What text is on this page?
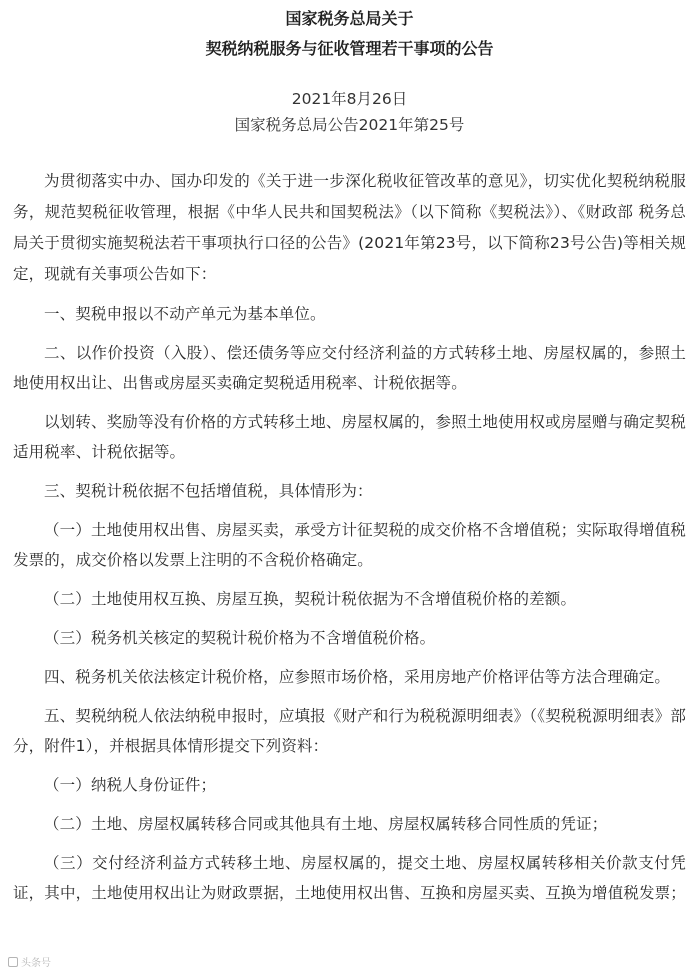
国家税务总局关于

契税纳税服务与征收管理若干事项的公告

2021年8月26日

国家税务总局公告2021年第25号

为贯彻落实中办、国办印发的《关于进一步深化税收征管改革的意见》，切实优化契税纳税服务，规范契税征收管理，根据《中华人民共和国契税法》（以下简称《契税法》）、《财政部 税务总局关于贯彻实施契税法若干事项执行口径的公告》(2021年第23号，以下简称23号公告)等相关规定，现就有关事项公告如下：

一、契税申报以不动产单元为基本单位。

二、以作价投资（入股）、偿还债务等应交付经济利益的方式转移土地、房屋权属的，参照土地使用权出让、出售或房屋买卖确定契税适用税率、计税依据等。

以划转、奖励等没有价格的方式转移土地、房屋权属的，参照土地使用权或房屋赠与确定契税适用税率、计税依据等。

三、契税计税依据不包括增值税，具体情形为：

（一）土地使用权出售、房屋买卖，承受方计征契税的成交价格不含增值税；实际取得增值税发票的，成交价格以发票上注明的不含税价格确定。

（二）土地使用权互换、房屋互换，契税计税依据为不含增值税价格的差额。

（三）税务机关核定的契税计税价格为不含增值税价格。

四、税务机关依法核定计税价格，应参照市场价格，采用房地产价格评估等方法合理确定。

五、契税纳税人依法纳税申报时，应填报《财产和行为税税源明细表》（《契税税源明细表》部分，附件1），并根据具体情形提交下列资料：

（一）纳税人身份证件；

（二）土地、房屋权属转移合同或其他具有土地、房屋权属转移合同性质的凭证；

（三）交付经济利益方式转移土地、房屋权属的，提交土地、房屋权属转移相关价款支付凭证，其中，土地使用权出让为财政票据，土地使用权出售、互换和房屋买卖、互换为增值税发票；

头条号
